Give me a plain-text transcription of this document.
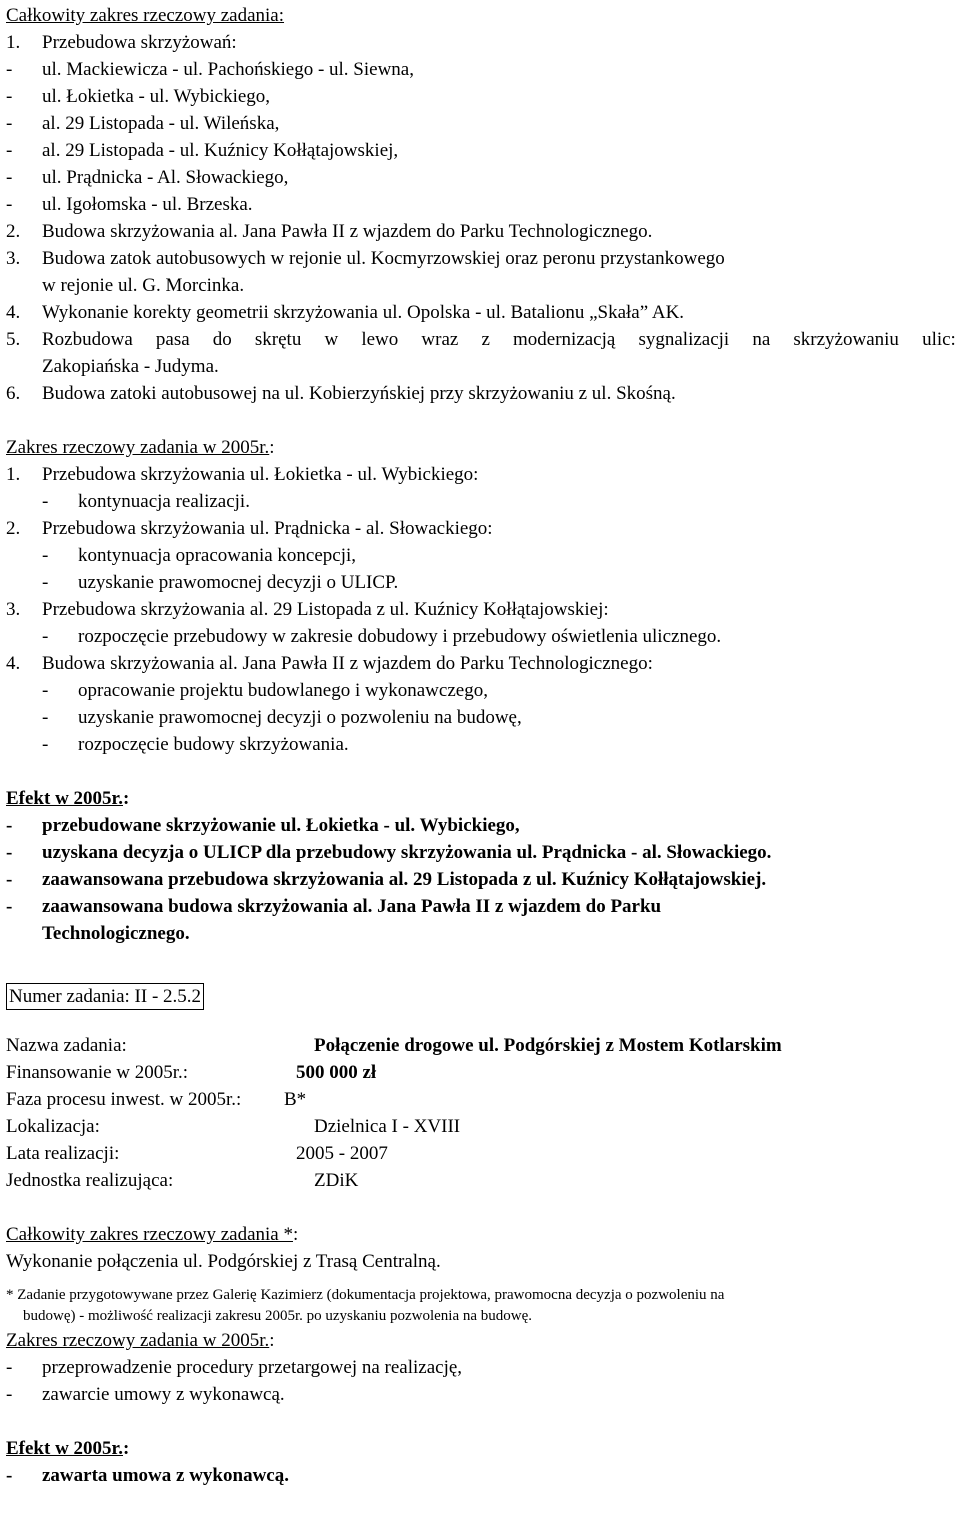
Całkowity zakres rzeczowy zadania:
1. Przebudowa skrzyżowań:
- ul. Mackiewicza - ul. Pachońskiego - ul. Siewna,
- ul. Łokietka - ul. Wybickiego,
- al. 29 Listopada - ul. Wileńska,
- al. 29 Listopada - ul. Kuźnicy Kołłątajowskiej,
- ul. Prądnicka - Al. Słowackiego,
- ul. Igołomska - ul. Brzeska.
2. Budowa skrzyżowania al. Jana Pawła II z wjazdem do Parku Technologicznego.
3. Budowa zatok autobusowych w rejonie ul. Kocmyrzowskiej oraz peronu przystankowego
w rejonie ul. G. Morcinka.
4. Wykonanie korekty geometrii skrzyżowania ul. Opolska - ul. Batalionu „Skała” AK.
5.	Rozbudowa pasa do skrętu w lewo wraz z modernizacją sygnalizacji na skrzyżowaniu ulic:
Zakopiańska - Judyma.
6. Budowa zatoki autobusowej na ul. Kobierzyńskiej przy skrzyżowaniu z ul. Skośną.
Zakres rzeczowy zadania w 2005r.:
1. Przebudowa skrzyżowania ul. Łokietka - ul. Wybickiego:
- kontynuacja realizacji.
2. Przebudowa skrzyżowania ul. Prądnicka - al. Słowackiego:
- kontynuacja opracowania koncepcji,
- uzyskanie prawomocnej decyzji o ULICP.
3. Przebudowa skrzyżowania al. 29 Listopada z ul. Kuźnicy Kołłątajowskiej:
- rozpoczęcie przebudowy w zakresie dobudowy i przebudowy oświetlenia ulicznego.
4. Budowa skrzyżowania al. Jana Pawła II z wjazdem do Parku Technologicznego:
- opracowanie projektu budowlanego i wykonawczego,
- uzyskanie prawomocnej decyzji o pozwoleniu na budowę,
- rozpoczęcie budowy skrzyżowania.
Efekt w 2005r.:
- przebudowane skrzyżowanie ul. Łokietka - ul. Wybickiego,
- uzyskana decyzja o ULICP dla przebudowy skrzyżowania ul. Prądnicka - al. Słowackiego.
- zaawansowana przebudowa skrzyżowania al. 29 Listopada z ul. Kuźnicy Kołłątajowskiej.
- zaawansowana budowa skrzyżowania al. Jana Pawła II z wjazdem do Parku
Technologicznego.
Numer zadania: II - 2.5.2
Nazwa zadania:	Połączenie drogowe ul. Podgórskiej z Mostem Kotlarskim
Finansowanie w 2005r.:	500 000 zł
Faza procesu inwest. w 2005r.:	B*
Lokalizacja:	Dzielnica I - XVIII
Lata realizacji:	2005 - 2007
Jednostka realizująca:	ZDiK
Całkowity zakres rzeczowy zadania *:
Wykonanie połączenia ul. Podgórskiej z Trasą Centralną.
* Zadanie przygotowywane przez Galerię Kazimierz (dokumentacja projektowa, prawomocna decyzja o pozwoleniu na
budowę) - możliwość realizacji zakresu 2005r. po uzyskaniu pozwolenia na budowę.
Zakres rzeczowy zadania w 2005r.:
- przeprowadzenie procedury przetargowej na realizację,
- zawarcie umowy z wykonawcą.
Efekt w 2005r.:
- zawarta umowa z wykonawcą.
